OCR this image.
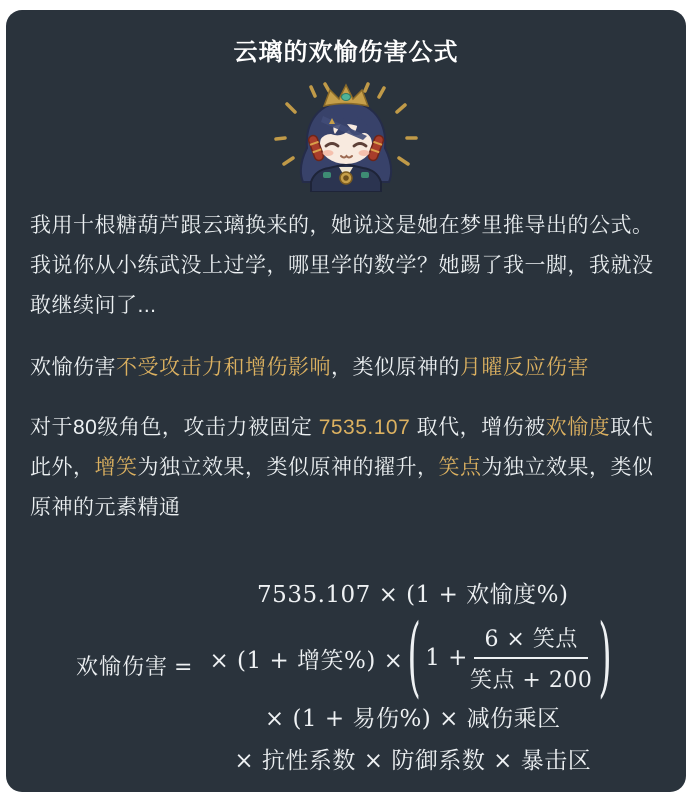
云璃的欢愉伤害公式
我用十根糖葫芦跟云璃换来的，她说这是她在梦里推导出的公式。
我说你从小练武没上过学，哪里学的数学？她踢了我一脚，我就没
敢继续问了...
欢愉伤害不受攻击力和增伤影响，类似原神的月曜反应伤害
对于80级角色，攻击力被固定 7535.107 取代，增伤被欢愉度取代
此外，增笑为独立效果，类似原神的擢升，笑点为独立效果，类似
原神的元素精通
欢愉伤害 =
7535.107 × (1 + 欢愉度%)
× (1 + 增笑%) × ( $1 + \frac{\text{6 × 笑点}}{\text{笑点 + 200}}$ )
× (1 + 易伤%) × 减伤乘区
× 抗性系数 × 防御系数 × 暴击区
